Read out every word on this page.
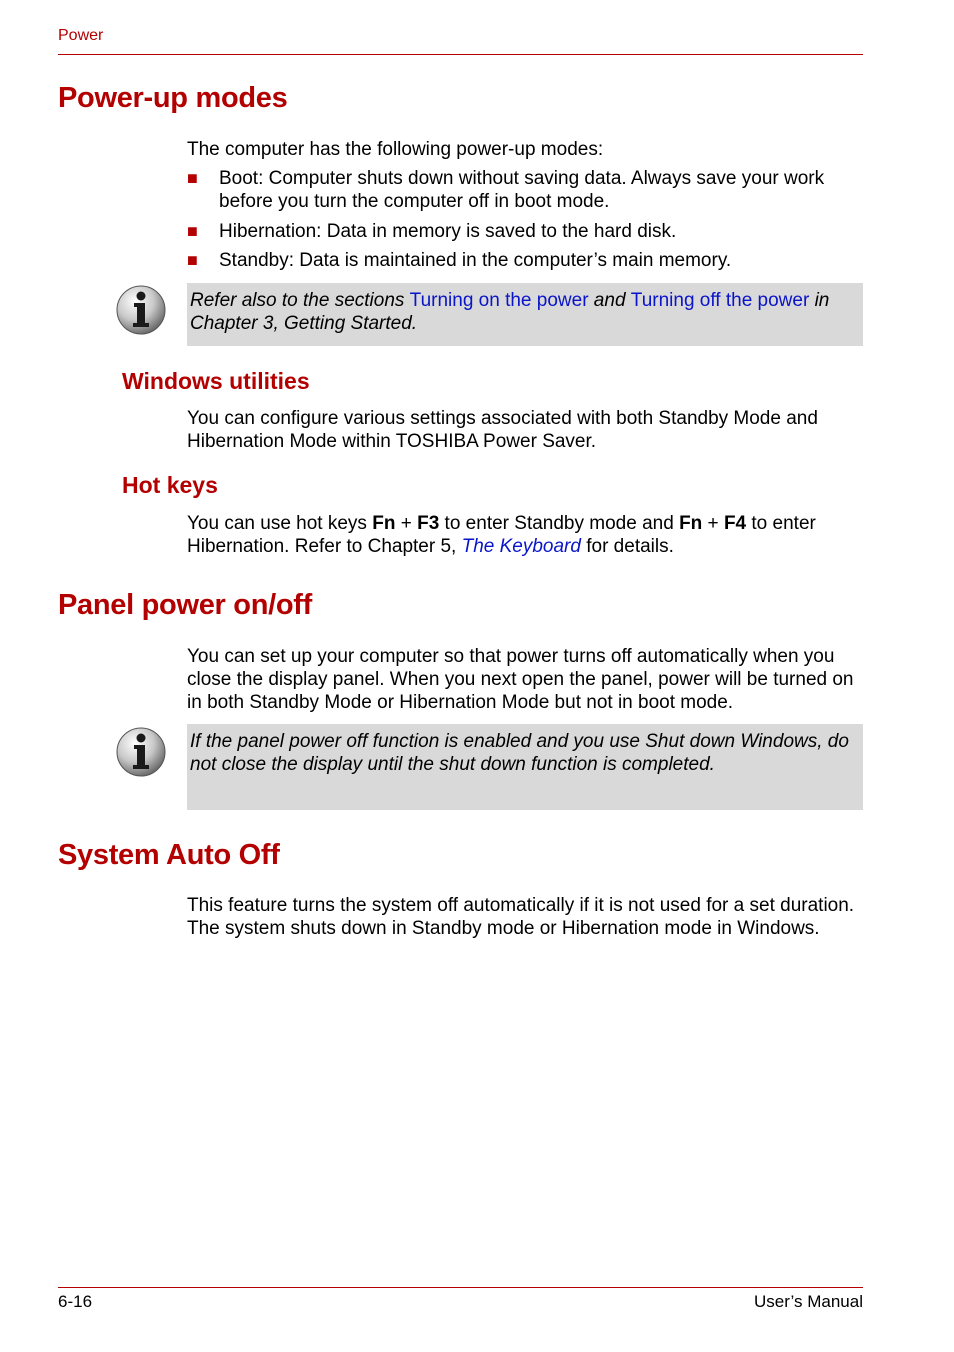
Power
Power-up modes
The computer has the following power-up modes:
■ Boot: Computer shuts down without saving data. Always save your work before you turn the computer off in boot mode.
■ Hibernation: Data in memory is saved to the hard disk.
■ Standby: Data is maintained in the computer’s main memory.
Refer also to the sections Turning on the power and Turning off the power in Chapter 3, Getting Started.
Windows utilities
You can configure various settings associated with both Standby Mode and Hibernation Mode within TOSHIBA Power Saver.
Hot keys
You can use hot keys Fn + F3 to enter Standby mode and Fn + F4 to enter Hibernation. Refer to Chapter 5, The Keyboard for details.
Panel power on/off
You can set up your computer so that power turns off automatically when you close the display panel. When you next open the panel, power will be turned on in both Standby Mode or Hibernation Mode but not in boot mode.
If the panel power off function is enabled and you use Shut down Windows, do not close the display until the shut down function is completed.
System Auto Off
This feature turns the system off automatically if it is not used for a set duration. The system shuts down in Standby mode or Hibernation mode in Windows.
6-16	User’s Manual
